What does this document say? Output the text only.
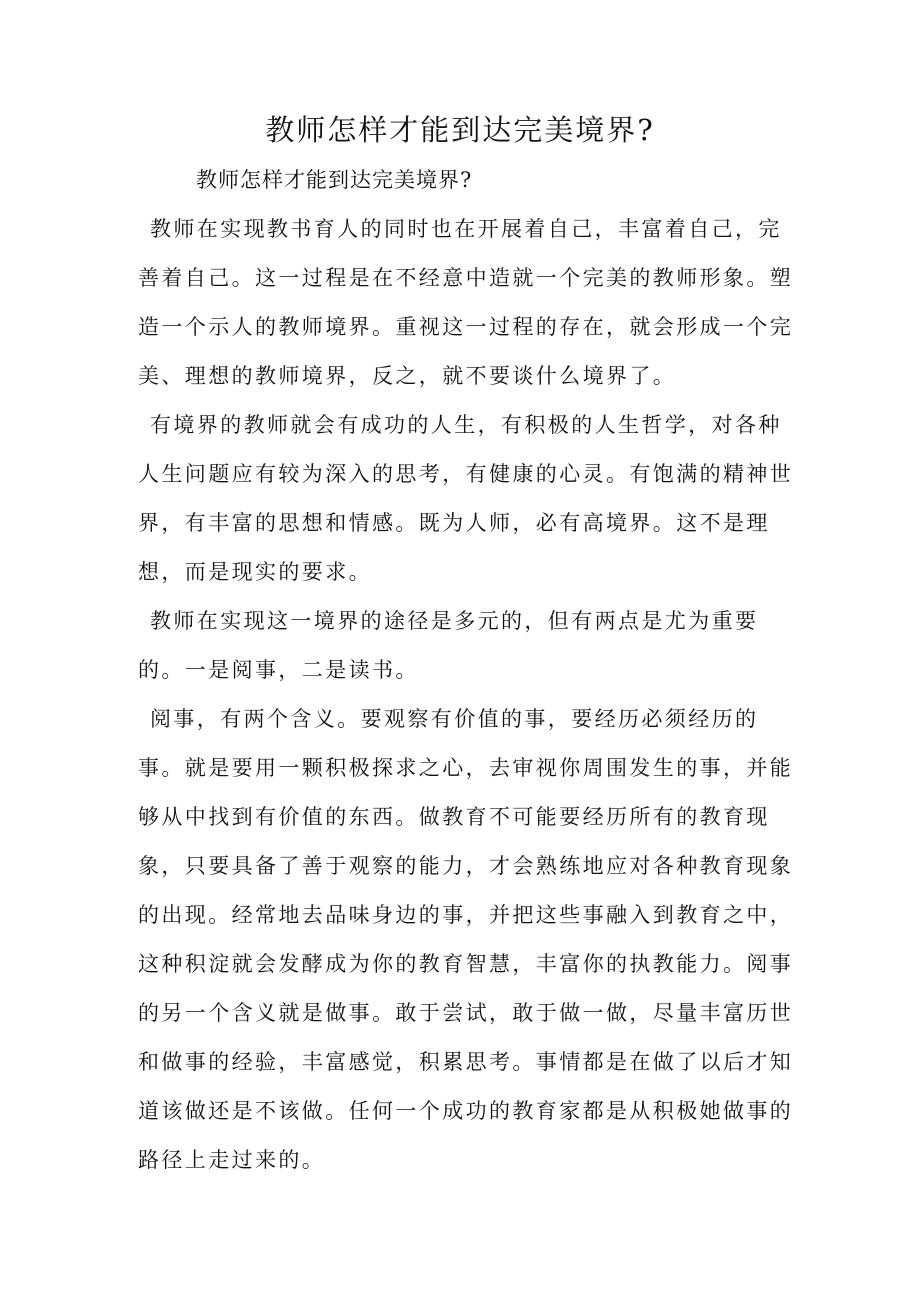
教师怎样才能到达完美境界?

教师怎样才能到达完美境界?

教师在实现教书育人的同时也在开展着自己，丰富着自己，完
善着自己。这一过程是在不经意中造就一个完美的教师形象。塑
造一个示人的教师境界。重视这一过程的存在，就会形成一个完
美、理想的教师境界，反之，就不要谈什么境界了。
有境界的教师就会有成功的人生，有积极的人生哲学，对各种
人生问题应有较为深入的思考，有健康的心灵。有饱满的精神世
界，有丰富的思想和情感。既为人师，必有高境界。这不是理
想，而是现实的要求。
教师在实现这一境界的途径是多元的，但有两点是尤为重要
的。一是阅事，二是读书。
阅事，有两个含义。要观察有价值的事，要经历必须经历的
事。就是要用一颗积极探求之心，去审视你周围发生的事，并能
够从中找到有价值的东西。做教育不可能要经历所有的教育现
象，只要具备了善于观察的能力，才会熟练地应对各种教育现象
的出现。经常地去品味身边的事，并把这些事融入到教育之中，
这种积淀就会发酵成为你的教育智慧，丰富你的执教能力。阅事
的另一个含义就是做事。敢于尝试，敢于做一做，尽量丰富历世
和做事的经验，丰富感觉，积累思考。事情都是在做了以后才知
道该做还是不该做。任何一个成功的教育家都是从积极她做事的
路径上走过来的。
